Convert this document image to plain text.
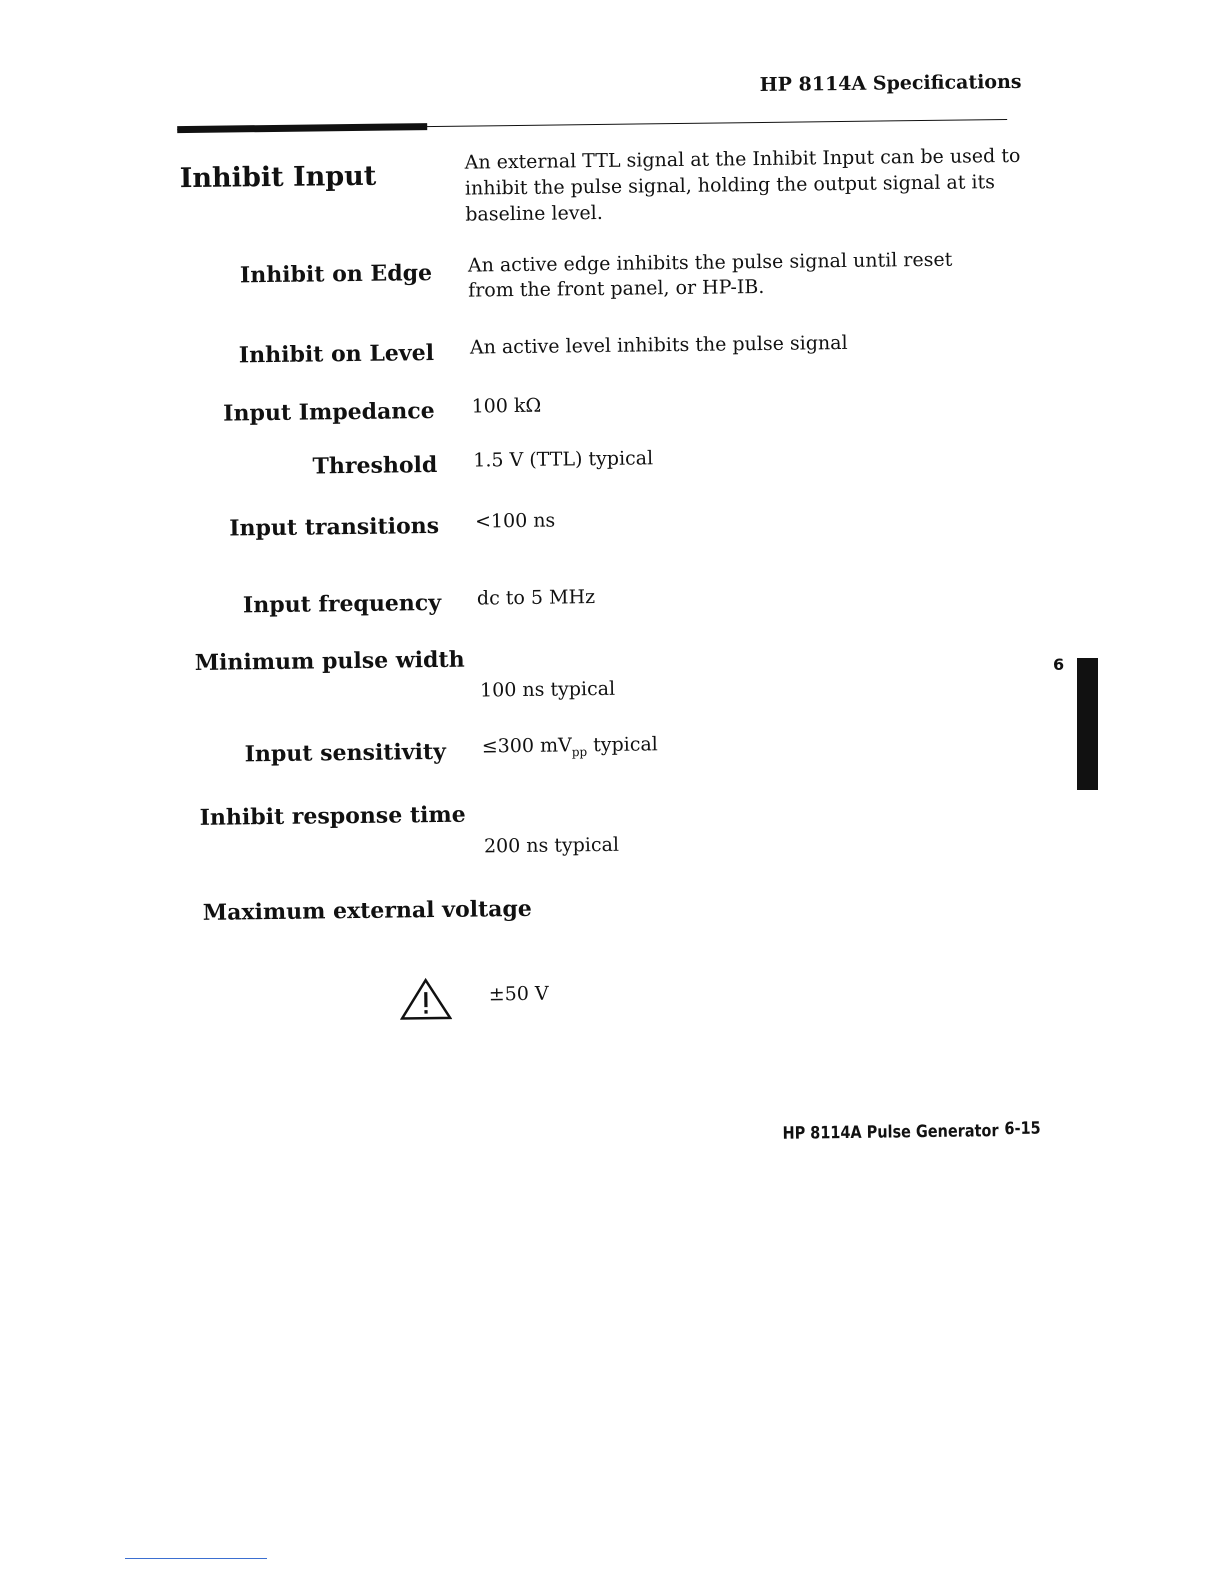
HP 8114A Specifications
Inhibit Input
An external TTL signal at the Inhibit Input can be used to inhibit the pulse signal, holding the output signal at its baseline level.
Inhibit on Edge An active edge inhibits the pulse signal until reset from the front panel, or HP-IB.
Inhibit on Level An active level inhibits the pulse signal
Input Impedance 100 kΩ
Threshold 1.5 V (TTL) typical
Input transitions <100 ns
Input frequency dc to 5 MHz
Minimum pulse width
100 ns typical
Input sensitivity ≤300 $mV_{pp}$ typical
Inhibit response time
200 ns typical
Maximum external voltage
±50 V
HP 8114A Pulse Generator 6-15
6
